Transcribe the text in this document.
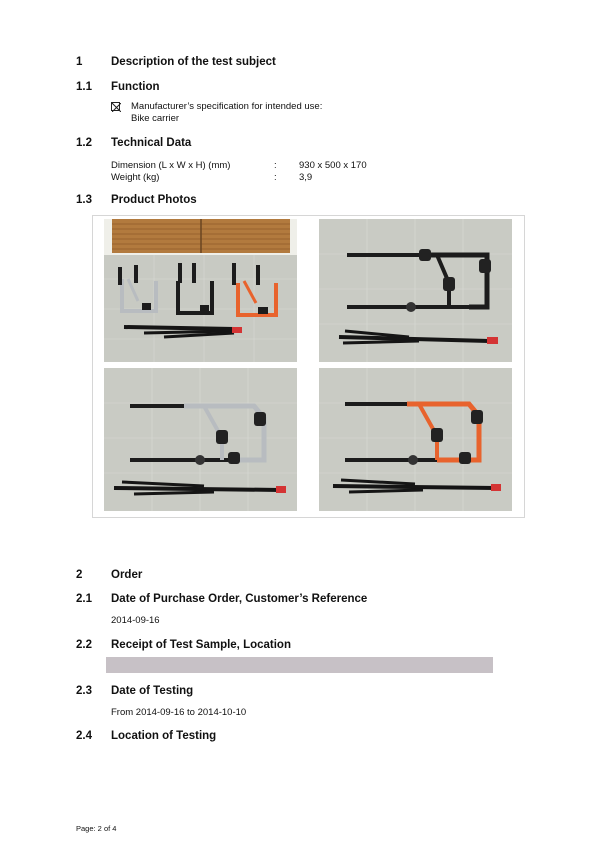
1	Description of the test subject
1.1	Function
Manufacturer’s specification for intended use:
Bike carrier
1.2	Technical Data
Dimension (L x W x H) (mm)	:	930 x 500 x 170
Weight (kg)	:	3,9
1.3	Product Photos
2	Order
2.1	Date of Purchase Order, Customer’s Reference
2014-09-16
2.2	Receipt of Test Sample, Location
2.3	Date of Testing
From 2014-09-16 to 2014-10-10
2.4	Location of Testing
Page: 2 of 4
